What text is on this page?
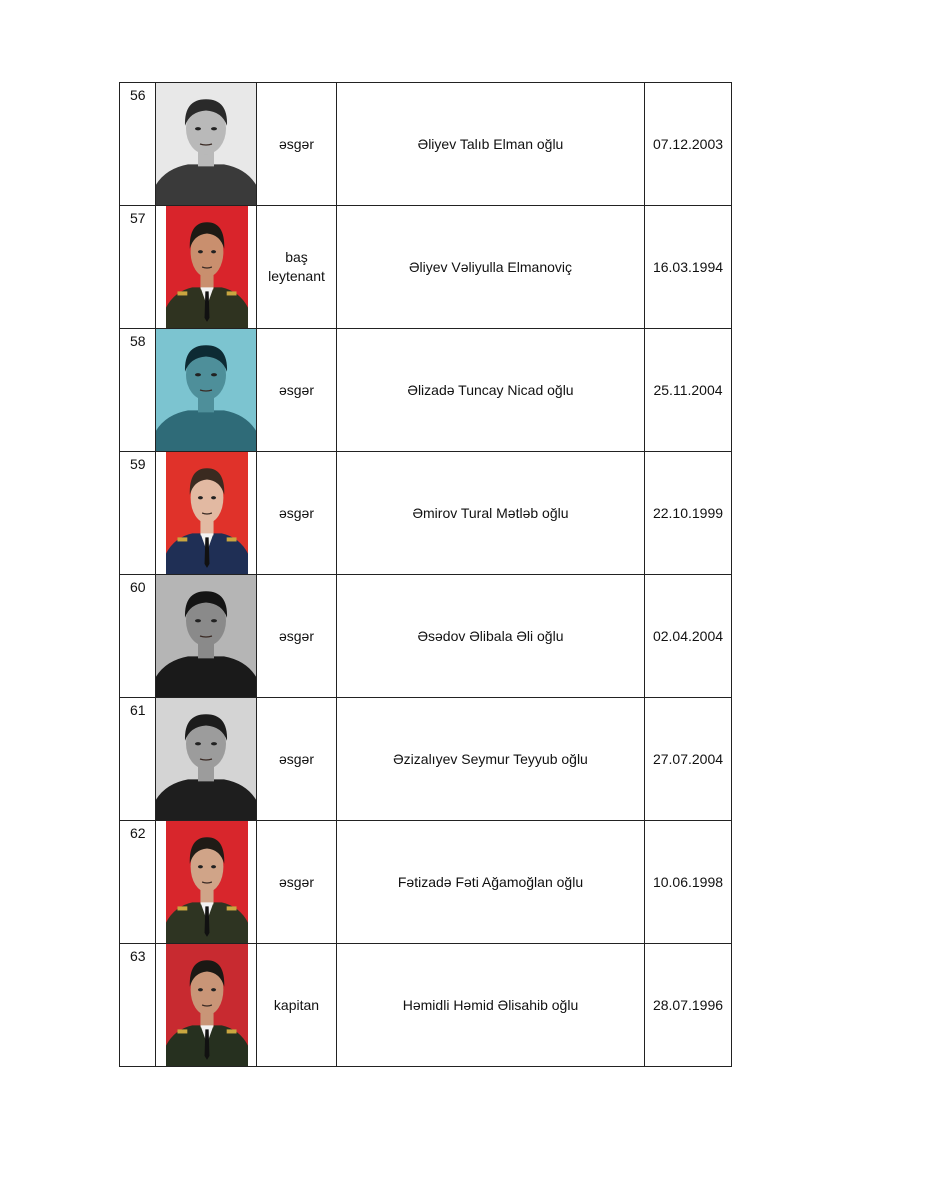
56		əsgər	Əliyev Talıb Elman oğlu	07.12.2003
57		baş leytenant	Əliyev Vəliyulla Elmanoviç	16.03.1994
58		əsgər	Əlizadə Tuncay Nicad oğlu	25.11.2004
59		əsgər	Əmirov Tural Mətləb oğlu	22.10.1999
60		əsgər	Əsədov Əlibala Əli oğlu	02.04.2004
61		əsgər	Əzizalıyev Seymur Teyyub oğlu	27.07.2004
62		əsgər	Fətizadə Fəti Ağamoğlan oğlu	10.06.1998
63		kapitan	Həmidli Həmid Əlisahib oğlu	28.07.1996
